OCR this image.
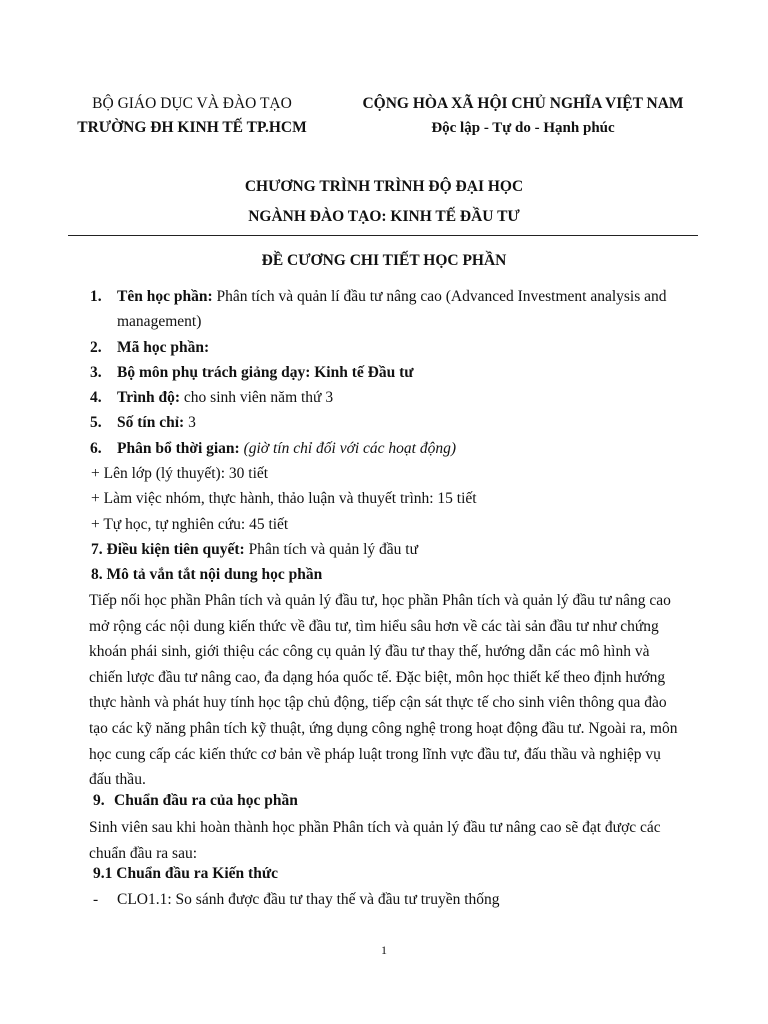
BỘ GIÁO DỤC VÀ ĐÀO TẠO
TRƯỜNG ĐH KINH TẾ TP.HCM
CỘNG HÒA XÃ HỘI CHỦ NGHĨA VIỆT NAM
Độc lập - Tự do - Hạnh phúc
CHƯƠNG TRÌNH TRÌNH ĐỘ ĐẠI HỌC
NGÀNH ĐÀO TẠO: KINH TẾ ĐẦU TƯ
ĐỀ CƯƠNG CHI TIẾT HỌC PHẦN
1. Tên học phần: Phân tích và quản lí đầu tư nâng cao (Advanced Investment analysis and
management)
2. Mã học phần:
3. Bộ môn phụ trách giảng dạy: Kinh tế Đầu tư
4. Trình độ: cho sinh viên năm thứ 3
5. Số tín chỉ: 3
6. Phân bổ thời gian: (giờ tín chỉ đối với các hoạt động)
+ Lên lớp (lý thuyết): 30 tiết
+ Làm việc nhóm, thực hành, thảo luận và thuyết trình: 15 tiết
+ Tự học, tự nghiên cứu: 45 tiết
7. Điều kiện tiên quyết: Phân tích và quản lý đầu tư
8. Mô tả vắn tắt nội dung học phần
Tiếp nối học phần Phân tích và quản lý đầu tư, học phần Phân tích và quản lý đầu tư nâng cao
mở rộng các nội dung kiến thức về đầu tư, tìm hiểu sâu hơn về các tài sản đầu tư như chứng
khoán phái sinh, giới thiệu các công cụ quản lý đầu tư thay thế, hướng dẫn các mô hình và
chiến lược đầu tư nâng cao, đa dạng hóa quốc tế. Đặc biệt, môn học thiết kế theo định hướng
thực hành và phát huy tính học tập chủ động, tiếp cận sát thực tế cho sinh viên thông qua đào
tạo các kỹ năng phân tích kỹ thuật, ứng dụng công nghệ trong hoạt động đầu tư. Ngoài ra, môn
học cung cấp các kiến thức cơ bản về pháp luật trong lĩnh vực đầu tư, đấu thầu và nghiệp vụ
đấu thầu.
9. Chuẩn đầu ra của học phần
Sinh viên sau khi hoàn thành học phần Phân tích và quản lý đầu tư nâng cao sẽ đạt được các
chuẩn đầu ra sau:
9.1 Chuẩn đầu ra Kiến thức
- CLO1.1: So sánh được đầu tư thay thế và đầu tư truyền thống
1
